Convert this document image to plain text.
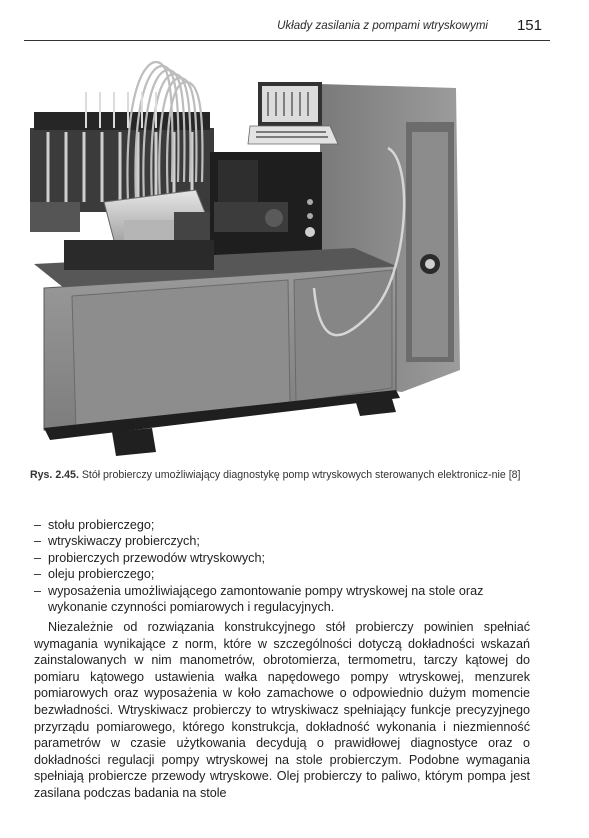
Układy zasilania z pompami wtryskowymi 151
Rys. 2.45. Stół probierczy umożliwiający diagnostykę pomp wtryskowych sterowanych elektronicz-nie [8]
– stołu probierczego;
– wtryskiwaczy probierczych;
– probierczych przewodów wtryskowych;
– oleju probierczego;
– wyposażenia umożliwiającego zamontowanie pompy wtryskowej na stole oraz wykonanie czynności pomiarowych i regulacyjnych.

Niezależnie od rozwiązania konstrukcyjnego stół probierczy powinien spełniać wymagania wynikające z norm, które w szczególności dotyczą dokładności wskazań zainstalowanych w nim manometrów, obrotomierza, termometru, tarczy kątowej do pomiaru kątowego ustawienia wałka napędowego pompy wtryskowej, menzurek pomiarowych oraz wyposażenia w koło zamachowe o odpowiednio dużym momencie bezwładności. Wtryskiwacz probierczy to wtryskiwacz spełniający funkcje precyzyjnego przyrządu pomiarowego, którego konstrukcja, dokładność wykonania i niezmienność parametrów w czasie użytkowania decydują o prawidłowej diagnostyce oraz o dokładności regulacji pompy wtryskowej na stole probierczym. Podobne wymagania spełniają probiercze przewody wtryskowe. Olej probierczy to paliwo, którym pompa jest zasilana podczas badania na stole
